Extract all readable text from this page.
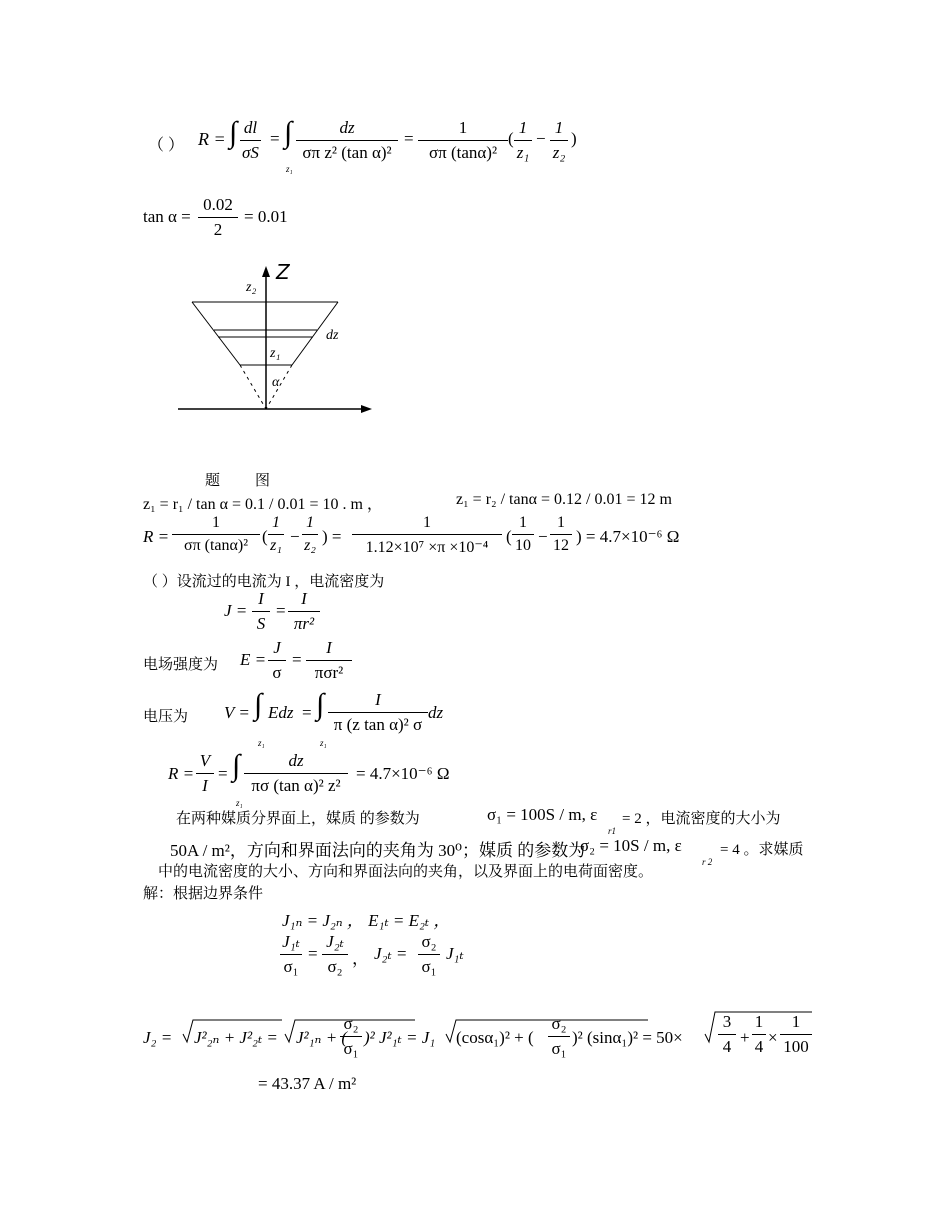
（ ） R = ∫ $\frac{dl}{\sigma S}$ = ∫
z₁
$\frac{dz}{\text{σπ z² (tan α)²}} = \frac{1}{\text{σπ (tanα)²}}$ ( $\frac{1}{\text{z₁}} - \frac{1}{\text{z₂}}$ )
$\tan \alpha = \frac{0.02}{2} = 0.01$
Z
z₂
dz
z₁
α
题 图
z₁ = r₁ / tan α = 0.1 / 0.01 = 10 . m ，	z₁ = r₂ / tanα = 0.12 / 0.01 = 12 m
$R = \frac{1}{\text{σπ (tanα)²}}$ ( $\frac{1}{\text{z₁}} - \frac{1}{\text{z₂}}$ ) = $\frac{1}{\text{1.12×10⁷ ×π ×10⁻⁴}}$ ( $\frac{1}{10} - \frac{1}{12}$ ) = 4.7×10⁻⁶ Ω
（ ）设流过的电流为 I ，电流密度为
$J = \frac{I}{S} = \frac{I}{\text{πr²}}$
电场强度为 $E = \frac{J}{\sigma}$ =
I
πσr²
电压为 V = ∫ Edz = ∫
z₁	z₁
$\frac{I}{\text{π (z tan α)² σ}}$ dz
$R = \frac{V}{I}$ = ∫
z₁
$\frac{dz}{\text{πσ (tan α)² z²}} = 4.7\times 10^{-6}$ Ω
在两种媒质分界面上，媒质 的参数为	σ₁ = 100S / m, ε
r1
= 2 ，电流密度的大小为
50A / m²，方向和界面法向的夹角为 30⁰；媒质 的参数为
σ₂ = 10S / m, ε
r 2
= 4 。求媒质
中的电流密度的大小、方向和界面法向的夹角，以及界面上的电荷面密度。
解：根据边界条件
J₁ₙ = J₂ₙ ， E₁ₜ = E₂ₜ ，
$\frac{\text{J₁ₜ}}{\text{σ₁}} = \frac{\text{J₂ₜ}}{\text{σ₂}}$ ， $J_{2t} = \frac{\text{σ₂}}{\text{σ₁}} J_{1t}$
J₂ = J²₂ₙ + J²₂ₜ = J²₁ₙ + (
$\frac{\text{σ₂}}{\text{σ₁}} )^2$ J²₁ₜ = J₁ (cosα₁)² + ( $\frac{\text{σ₂}}{\text{σ₁}} )^2$ $(\sin\alpha_1)^2 = 50\times \frac{3}{4} + \frac{1}{4} \times \frac{1}{100}$
= 43.37 A / m²
